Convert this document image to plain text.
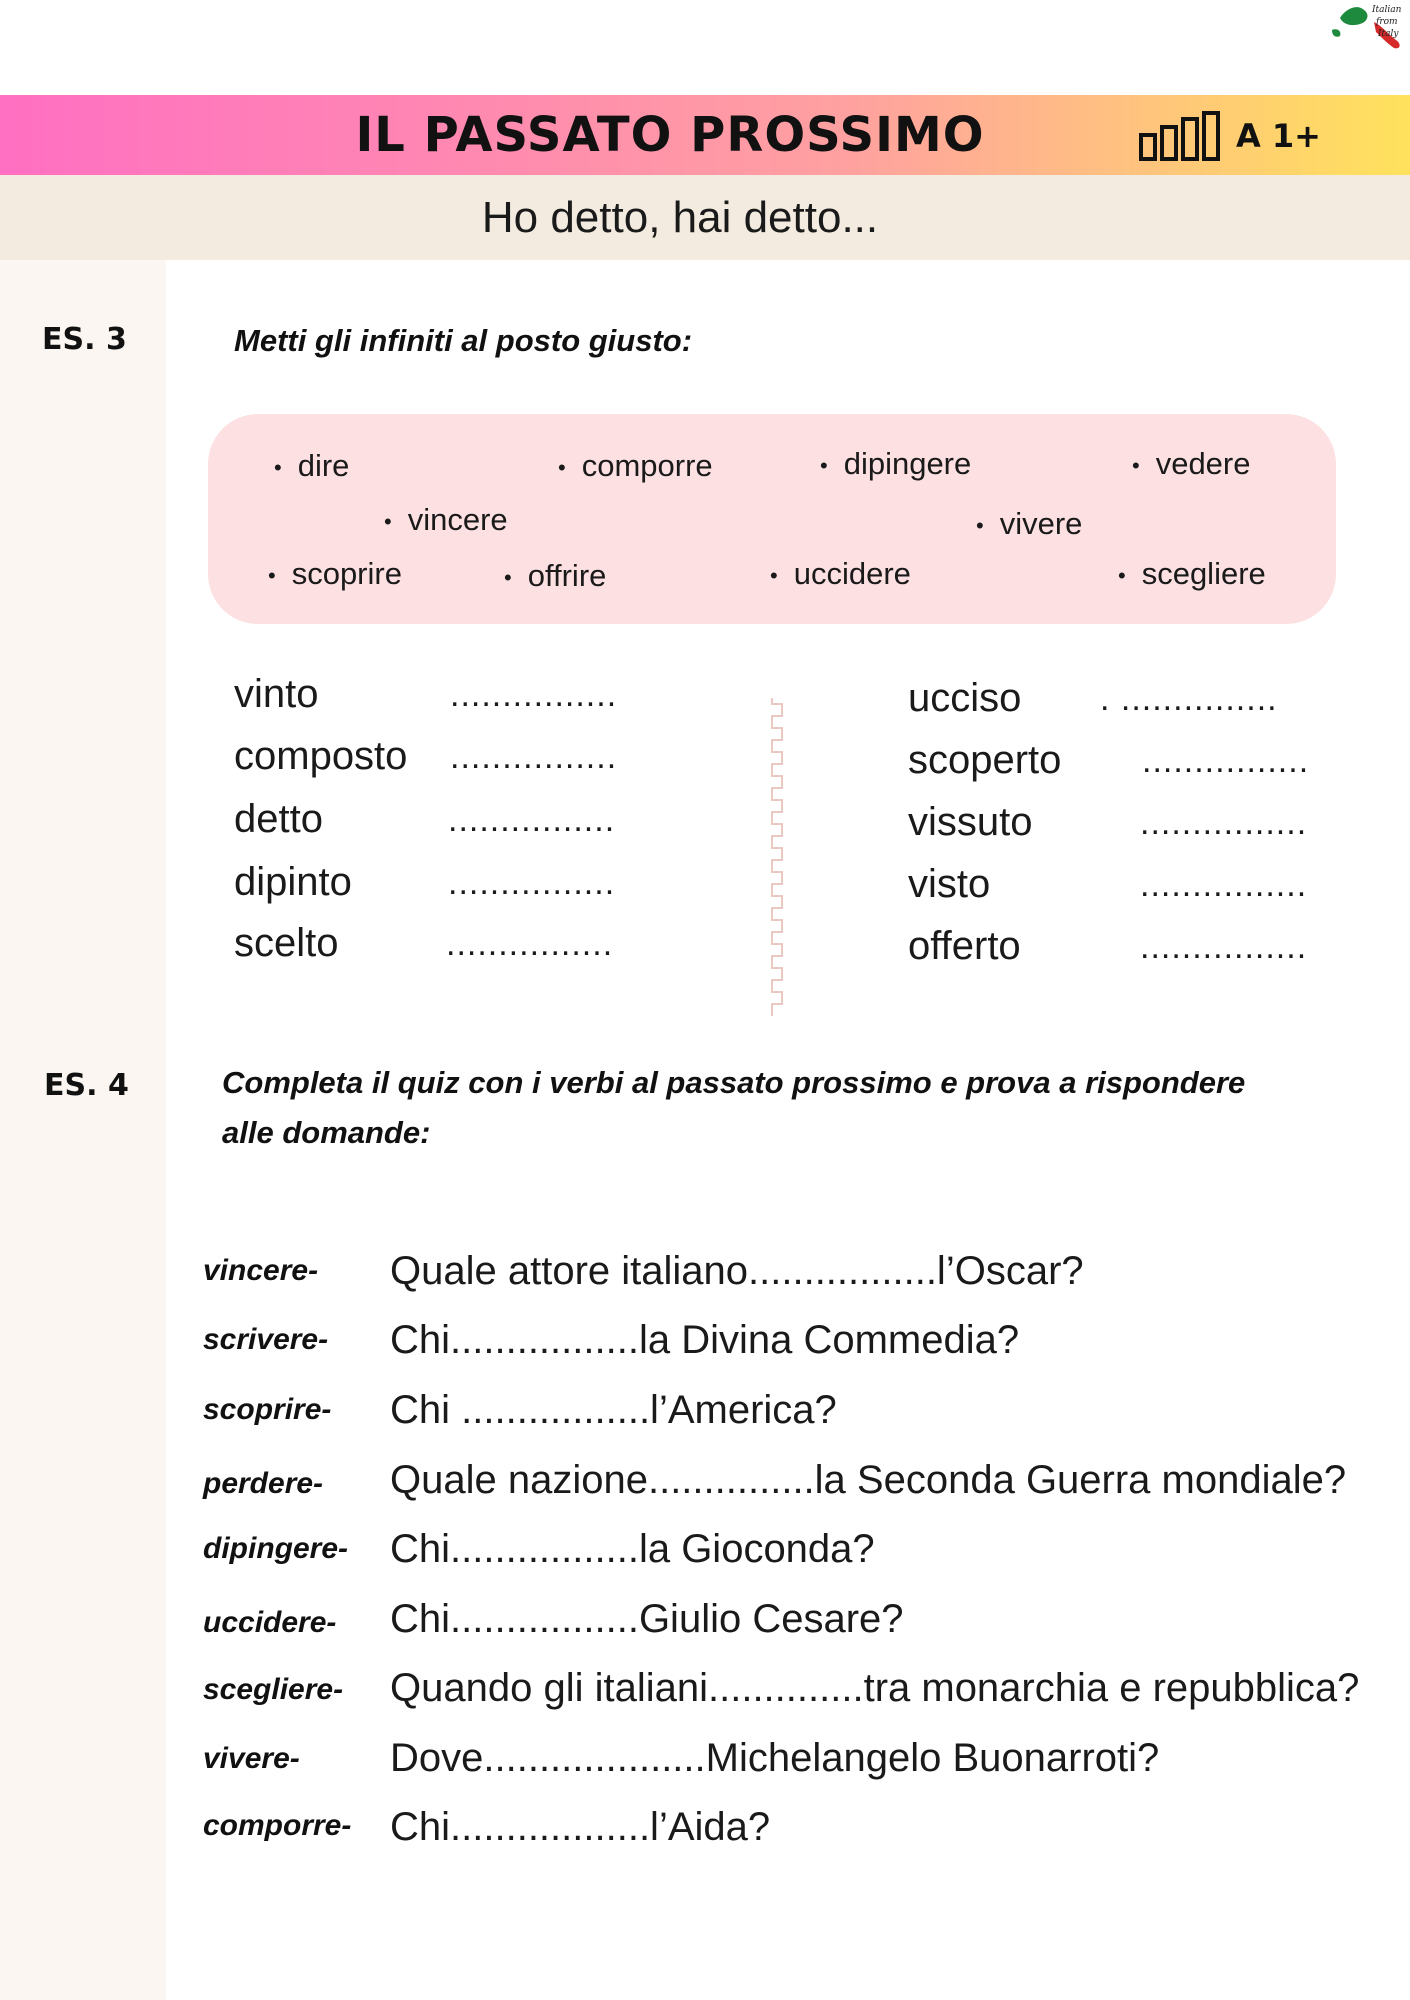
Italian
from
Italy
IL PASSATO PROSSIMO	A 1+
Ho detto, hai detto...
ES. 3	Metti gli infiniti al posto giusto:
• dire	• comporre	• dipingere	• vedere
• vincere	• vivere
• scoprire	• offrire	• uccidere	• scegliere
vinto	................
composto ................
detto	................
dipinto	................
scelto	................
ucciso . ...............
scoperto ................
vissuto	................
visto	................
offerto	................
ES. 4	Completa il quiz con i verbi al passato prossimo e prova a rispondere
alle domande:
vincere- Quale attore italiano.................l’Oscar?
scrivere- Chi.................la Divina Commedia?
scoprire- Chi .................l’America?
perdere- Quale nazione...............la Seconda Guerra mondiale?
dipingere- Chi.................la Gioconda?
uccidere- Chi.................Giulio Cesare?
scegliere- Quando gli italiani..............tra monarchia e repubblica?
vivere- Dove....................Michelangelo Buonarroti?
comporre- Chi..................l’Aida?
